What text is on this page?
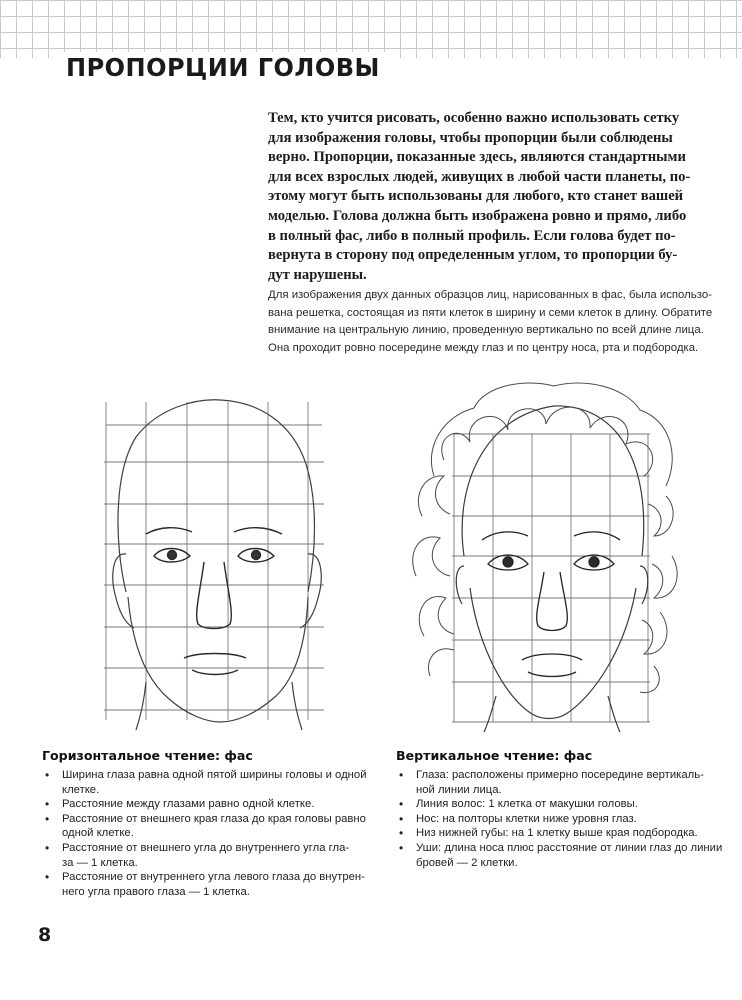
ПРОПОРЦИИ ГОЛОВЫ

Тем, кто учится рисовать, особенно важно использовать сетку
для изображения головы, чтобы пропорции были соблюдены
верно. Пропорции, показанные здесь, являются стандартными
для всех взрослых людей, живущих в любой части планеты, по-
этому могут быть использованы для любого, кто станет вашей
моделью. Голова должна быть изображена ровно и прямо, либо
в полный фас, либо в полный профиль. Если голова будет по-
вернута в сторону под определенным углом, то пропорции бу-
дут нарушены.

Для изображения двух данных образцов лиц, нарисованных в фас, была использо-
вана решетка, состоящая из пяти клеток в ширину и семи клеток в длину. Обратите
внимание на центральную линию, проведенную вертикально по всей длине лица.
Она проходит ровно посередине между глаз и по центру носа, рта и подбородка.

Горизонтальное чтение: фас
• Ширина глаза равна одной пятой ширины головы и одной
клетке.
• Расстояние между глазами равно одной клетке.
• Расстояние от внешнего края глаза до края головы равно
одной клетке.
• Расстояние от внешнего угла до внутреннего угла гла-
за — 1 клетка.
• Расстояние от внутреннего угла левого глаза до внутрен-
него угла правого глаза — 1 клетка.
Вертикальное чтение: фас
• Глаза: расположены примерно посередине вертикаль-
ной линии лица.
• Линия волос: 1 клетка от макушки головы.
• Нос: на полторы клетки ниже уровня глаз.
• Низ нижней губы: на 1 клетку выше края подбородка.
• Уши: длина носа плюс расстояние от линии глаз до линии
бровей — 2 клетки.

8
